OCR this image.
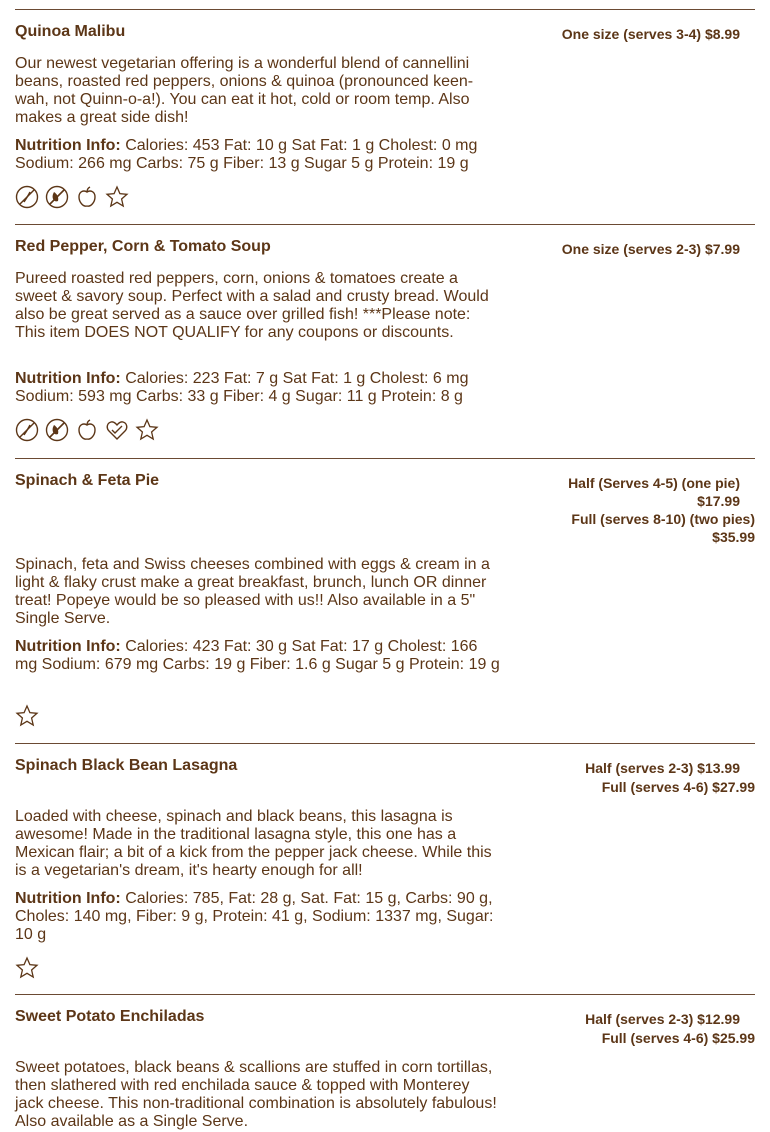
Quinoa Malibu	One size (serves 3-4) $8.99
Our newest vegetarian offering is a wonderful blend of cannellini beans, roasted red peppers, onions & quinoa (pronounced keen-wah, not Quinn-o-a!). You can eat it hot, cold or room temp. Also makes a great side dish!
Nutrition Info: Calories: 453 Fat: 10 g Sat Fat: 1 g Cholest: 0 mg Sodium: 266 mg Carbs: 75 g Fiber: 13 g Sugar 5 g Protein: 19 g
Red Pepper, Corn & Tomato Soup	One size (serves 2-3) $7.99
Pureed roasted red peppers, corn, onions & tomatoes create a sweet & savory soup. Perfect with a salad and crusty bread. Would also be great served as a sauce over grilled fish! ***Please note: This item DOES NOT QUALIFY for any coupons or discounts.
Nutrition Info: Calories: 223 Fat: 7 g Sat Fat: 1 g Cholest: 6 mg Sodium: 593 mg Carbs: 33 g Fiber: 4 g Sugar: 11 g Protein: 8 g
Spinach & Feta Pie	Half (Serves 4-5) (one pie)
$17.99
Full (serves 8-10) (two pies)
$35.99
Spinach, feta and Swiss cheeses combined with eggs & cream in a light & flaky crust make a great breakfast, brunch, lunch OR dinner treat! Popeye would be so pleased with us!! Also available in a 5" Single Serve.
Nutrition Info: Calories: 423 Fat: 30 g Sat Fat: 17 g Cholest: 166 mg Sodium: 679 mg Carbs: 19 g Fiber: 1.6 g Sugar 5 g Protein: 19 g
Spinach Black Bean Lasagna	Half (serves 2-3) $13.99
Full (serves 4-6) $27.99
Loaded with cheese, spinach and black beans, this lasagna is awesome! Made in the traditional lasagna style, this one has a Mexican flair; a bit of a kick from the pepper jack cheese. While this is a vegetarian's dream, it's hearty enough for all!
Nutrition Info: Calories: 785, Fat: 28 g, Sat. Fat: 15 g, Carbs: 90 g, Choles: 140 mg, Fiber: 9 g, Protein: 41 g, Sodium: 1337 mg, Sugar: 10 g
Sweet Potato Enchiladas	Half (serves 2-3) $12.99
Full (serves 4-6) $25.99
Sweet potatoes, black beans & scallions are stuffed in corn tortillas, then slathered with red enchilada sauce & topped with Monterey jack cheese. This non-traditional combination is absolutely fabulous! Also available as a Single Serve.
